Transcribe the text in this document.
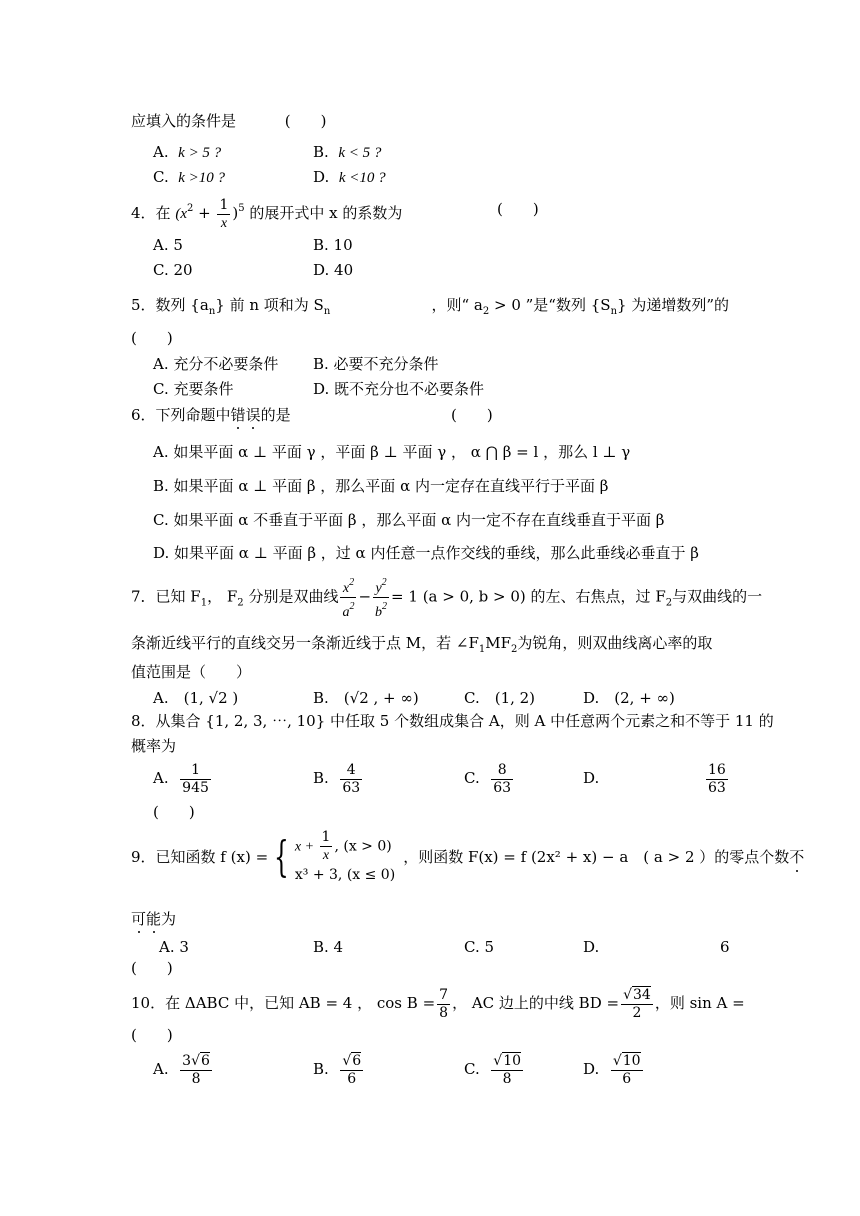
应填入的条件是	(　　)
A. k > 5 ?	B. k < 5 ?
C. k >10 ?	D. k <10 ?
4．在 $(x^2 + \frac{1}{x} )^5$ 的展开式中 x 的系数为	(　　)
A. 5	B. 10
C. 20	D. 40
5．数列 $\{a_n\}$ 前 n 项和为 $S_n$	，则“ $a_2 > 0$ ”是“数列 $\{S_n\}$ 为递增数列”的
(　　)
A. 充分不必要条件 B. 必要不充分条件
C. 充要条件	D. 既不充分也不必要条件
6．下列命题中错误的是	(　　)
A. 如果平面 α ⊥ 平面 γ ，平面 β ⊥ 平面 γ ， α ⋂ β = l ，那么 l ⊥ γ
B. 如果平面 α ⊥ 平面 β ，那么平面 α 内一定存在直线平行于平面 β
C. 如果平面 α 不垂直于平面 β ，那么平面 α 内一定不存在直线垂直于平面 β
D. 如果平面 α ⊥ 平面 β ，过 α 内任意一点作交线的垂线，那么此垂线必垂直于 β
7．已知 $F_1$， $F_2$ 分别是双曲线 $\frac{x^2}{a^2} - \frac{y^2}{b^2} = 1$ (a > 0, b > 0) 的左、右焦点，过 $F_2$与双曲线的一
条渐近线平行的直线交另一条渐近线于点 M，若 $\angle F_1MF_2$为锐角，则双曲线离心率的取
值范围是（　　）
A.　(1, √2 )	B.　(√2 , + ∞)	C.　(1, 2)	D.　(2, + ∞)
8．从集合 {1, 2, 3, ⋯, 10} 中任取 5 个数组成集合 A，则 A 中任意两个元素之和不等于 11 的
概率为
A. $\frac{1}{945}$	B. $\frac{4}{63}$	C. $\frac{8}{63}$	D.	$\frac{16}{63}$
(　　)
9．已知函数 f (x) = { $x + \frac{1}{x}$ , (x > 0)
x³ + 3, (x ≤ 0)
，则函数 F(x) = f (2x² + x) − a　( a > 2 ）的零点个数 不
可能为
A. 3	B. 4	C. 5	D.	6
(　　)
10．在 ΔABC 中，已知 AB = 4 ， $\cos B = \frac{7}{8}$ ， AC 边上的中线 BD = $\frac{√34}{2}$ ，则 sin A =
(　　)
A. $\frac{3√6}{8}$	B. $\frac{√6}{6}$	C. $\frac{√10}{8}$	D. $\frac{√10}{6}$
